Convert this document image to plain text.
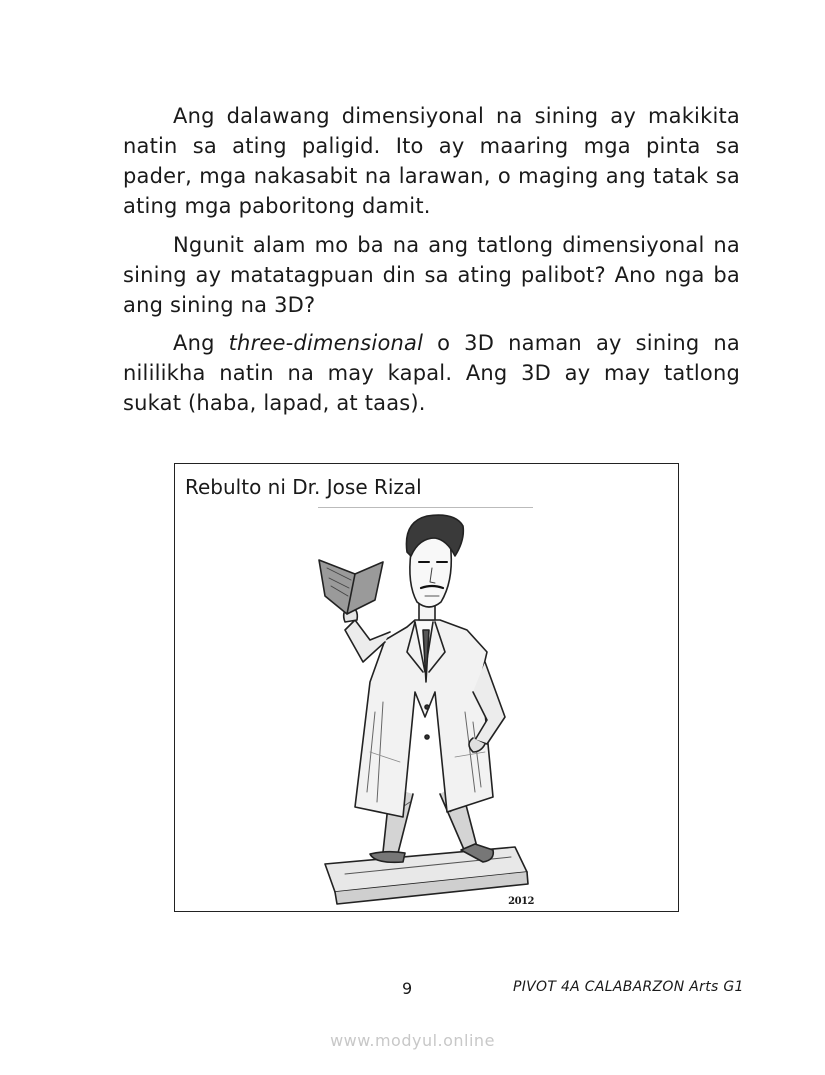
Ang dalawang dimensiyonal na sining ay makikita natin sa ating paligid. Ito ay maaring mga pinta sa pader, mga nakasabit na larawan, o maging ang tatak sa ating mga paboritong damit.

Ngunit alam mo ba na ang tatlong dimensiyonal na sining ay matatagpuan din sa ating palibot? Ano nga ba ang sining na 3D?

Ang three-dimensional o 3D naman ay sining na nililikha natin na may kapal. Ang 3D ay may tatlong sukat (haba, lapad, at taas).

Rebulto ni Dr. Jose Rizal
2012
9	PIVOT 4A CALABARZON Arts G1
www.modyul.online
